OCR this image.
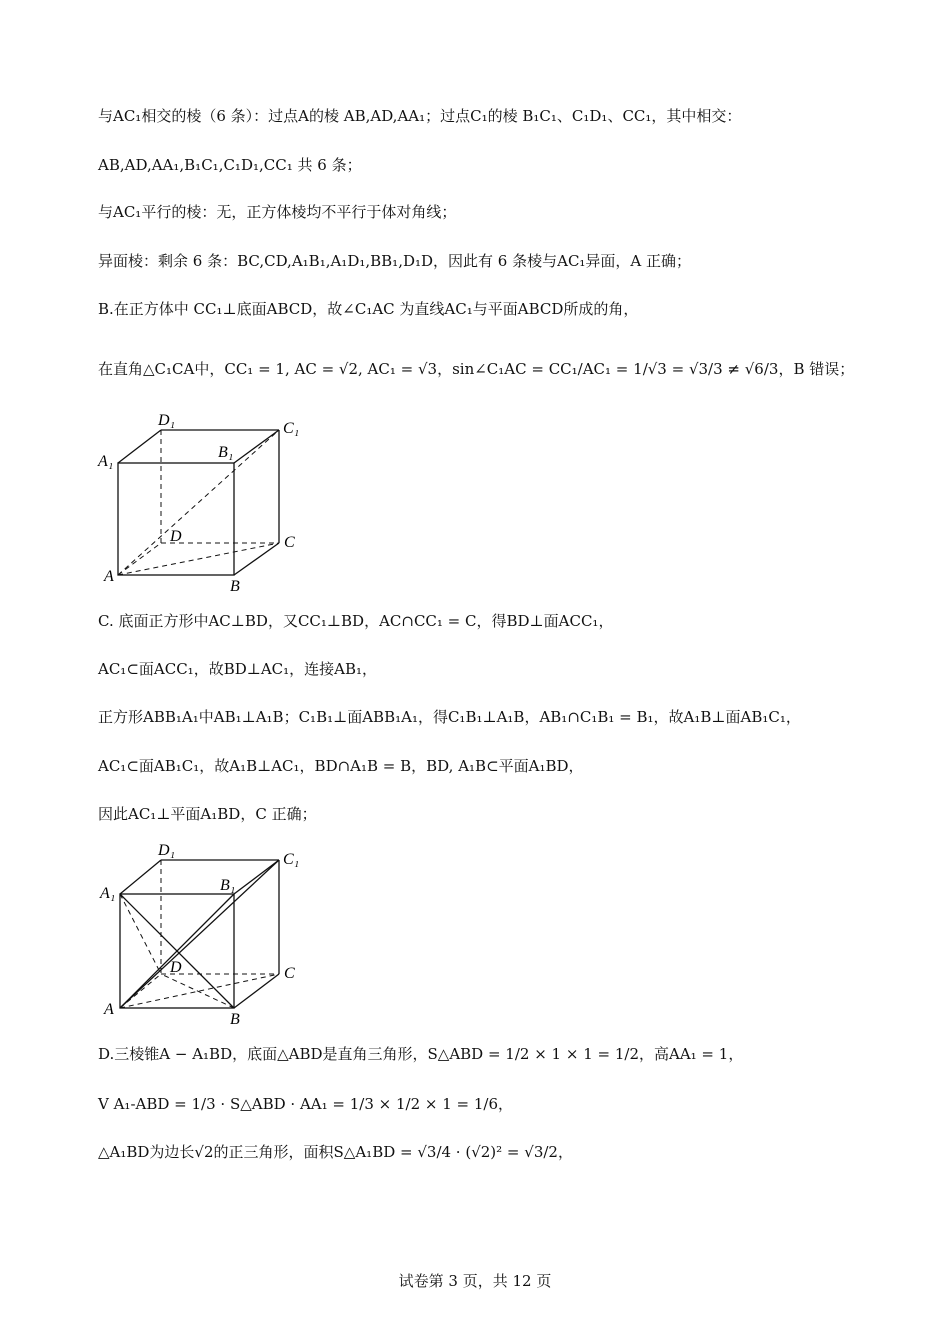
与AC₁相交的棱（6 条）：过点A的棱 AB,AD,AA₁；过点C₁的棱 B₁C₁、C₁D₁、CC₁，其中相交：
AB,AD,AA₁,B₁C₁,C₁D₁,CC₁ 共 6 条；
与AC₁平行的棱：无，正方体棱均不平行于体对角线；
异面棱：剩余 6 条：BC,CD,A₁B₁,A₁D₁,BB₁,D₁D，因此有 6 条棱与AC₁异面，A 正确；
B.在正方体中 CC₁⊥底面ABCD，故∠C₁AC 为直线AC₁与平面ABCD所成的角，
在直角△C₁CA中，CC₁ = 1, AC = √2, AC₁ = √3，sin∠C₁AC = CC₁/AC₁ = 1/√3 = √3/3 ≠ √6/3，B 错误；
D₁	C₁
A₁
B₁
D	C
A
B
C. 底面正方形中AC⊥BD，又CC₁⊥BD，AC∩CC₁ = C，得BD⊥面ACC₁，
AC₁⊂面ACC₁，故BD⊥AC₁，连接AB₁，
正方形ABB₁A₁中AB₁⊥A₁B；C₁B₁⊥面ABB₁A₁，得C₁B₁⊥A₁B，AB₁∩C₁B₁ = B₁，故A₁B⊥面AB₁C₁，
AC₁⊂面AB₁C₁，故A₁B⊥AC₁，BD∩A₁B = B，BD, A₁B⊂平面A₁BD，
因此AC₁⊥平面A₁BD，C 正确；
D₁
C₁
A₁	B₁
D	C
A
B
D.三棱锥A − A₁BD，底面△ABD是直角三角形，S△ABD = 1/2 × 1 × 1 = 1/2，高AA₁ = 1，
V A₁-ABD = 1/3 · S△ABD · AA₁ = 1/3 × 1/2 × 1 = 1/6，
△A₁BD为边长√2的正三角形，面积S△A₁BD = √3/4 · (√2)² = √3/2，
试卷第 3 页，共 12 页
